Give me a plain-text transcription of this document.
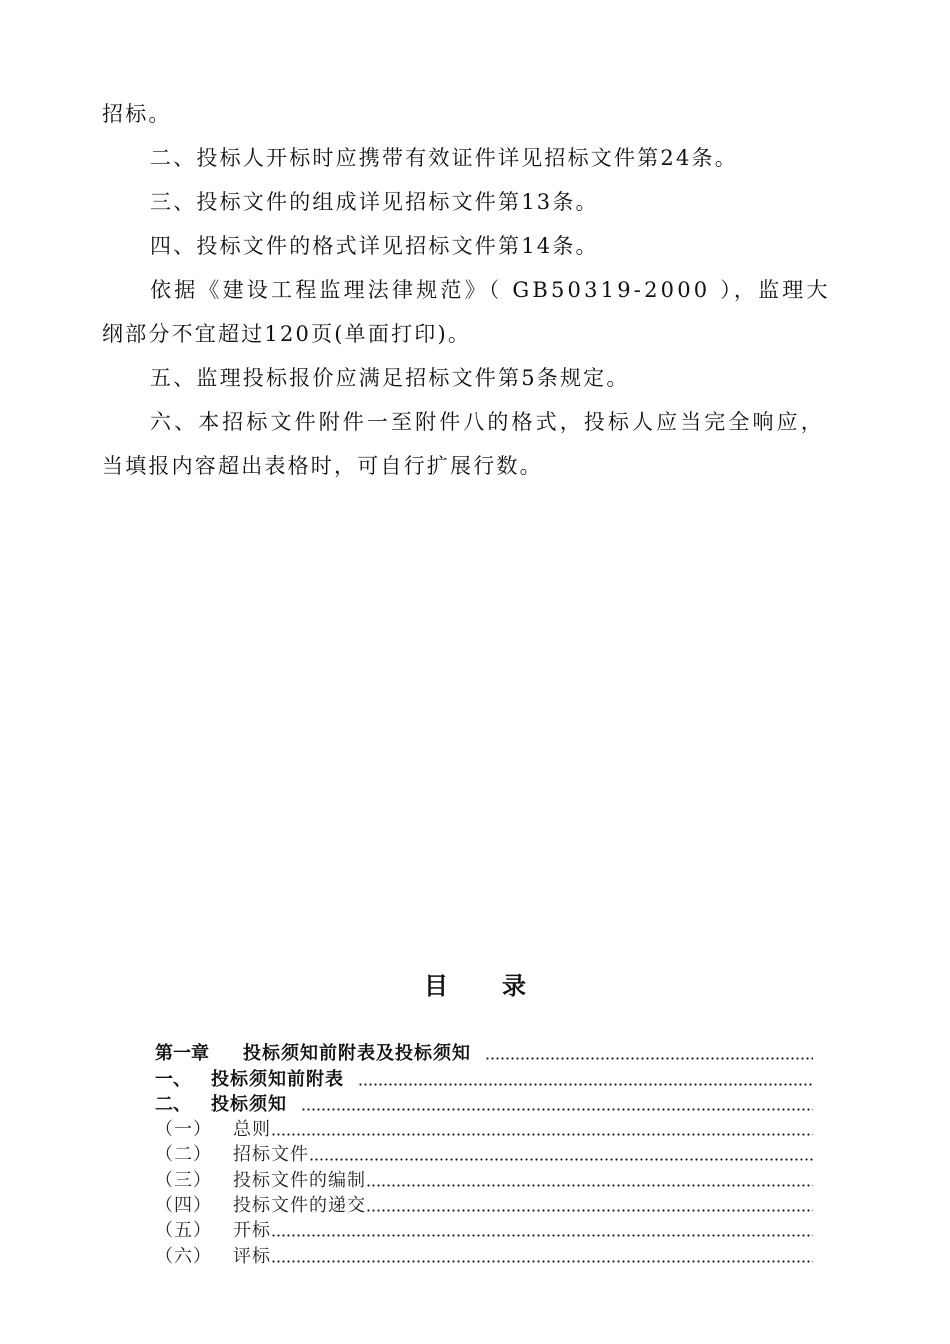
招标。
二、投标人开标时应携带有效证件详见招标文件第24条。
三、投标文件的组成详见招标文件第13条。
四、投标文件的格式详见招标文件第14条。
依据《建设工程监理法律规范》（ GB50319-2000 ），监理大
纲部分不宜超过120页(单面打印)。
五、监理投标报价应满足招标文件第5条规定。
六、本招标文件附件一至附件八的格式，投标人应当完全响应，
当填报内容超出表格时，可自行扩展行数。
目 录
第一章	投标须知前附表及投标须知
一、	投标须知前附表
二、	投标须知
（一）	总则
（二）	招标文件
（三）	投标文件的编制
（四）	投标文件的递交
（五）	开标
（六）	评标
